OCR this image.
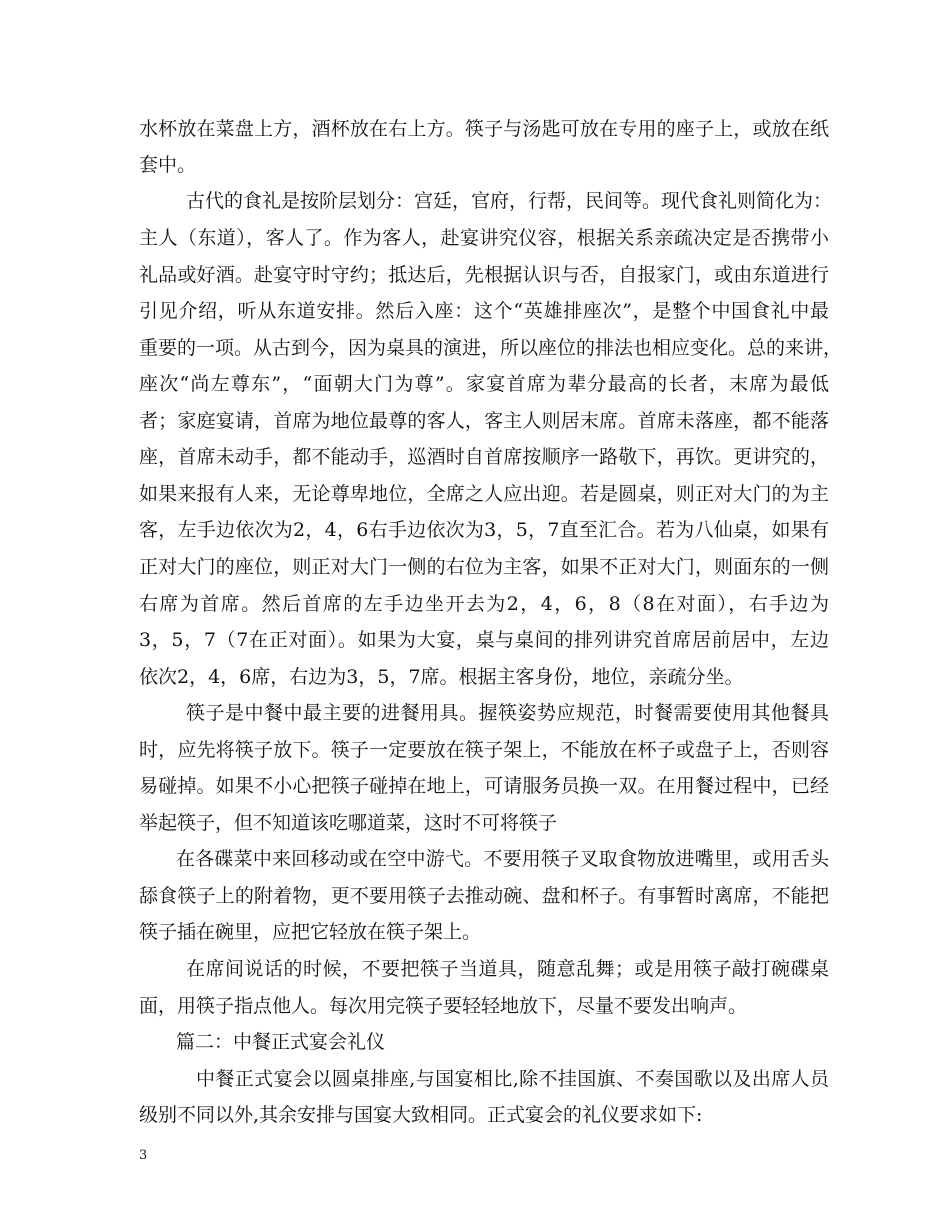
水杯放在菜盘上方，酒杯放在右上方。筷子与汤匙可放在专用的座子上，或放在纸
套中。
古代的食礼是按阶层划分：宫廷，官府，行帮，民间等。现代食礼则简化为：
主人（东道），客人了。作为客人，赴宴讲究仪容，根据关系亲疏决定是否携带小
礼品或好酒。赴宴守时守约；抵达后，先根据认识与否，自报家门，或由东道进行
引见介绍，听从东道安排。然后入座：这个“英雄排座次”，是整个中国食礼中最
重要的一项。从古到今，因为桌具的演进，所以座位的排法也相应变化。总的来讲，
座次“尚左尊东”，“面朝大门为尊”。家宴首席为辈分最高的长者，末席为最低
者；家庭宴请，首席为地位最尊的客人，客主人则居末席。首席未落座，都不能落
座，首席未动手，都不能动手，巡酒时自首席按顺序一路敬下，再饮。更讲究的，
如果来报有人来，无论尊卑地位，全席之人应出迎。若是圆桌，则正对大门的为主
客，左手边依次为2，4，6右手边依次为3，5，7直至汇合。若为八仙桌，如果有
正对大门的座位，则正对大门一侧的右位为主客，如果不正对大门，则面东的一侧
右席为首席。然后首席的左手边坐开去为2，4，6，8（8在对面），右手边为
3，5，7（7在正对面）。如果为大宴，桌与桌间的排列讲究首席居前居中，左边
依次2，4，6席，右边为3，5，7席。根据主客身份，地位，亲疏分坐。
筷子是中餐中最主要的进餐用具。握筷姿势应规范，时餐需要使用其他餐具
时，应先将筷子放下。筷子一定要放在筷子架上，不能放在杯子或盘子上，否则容
易碰掉。如果不小心把筷子碰掉在地上，可请服务员换一双。在用餐过程中，已经
举起筷子，但不知道该吃哪道菜，这时不可将筷子
在各碟菜中来回移动或在空中游弋。不要用筷子叉取食物放进嘴里，或用舌头
舔食筷子上的附着物，更不要用筷子去推动碗、盘和杯子。有事暂时离席，不能把
筷子插在碗里，应把它轻放在筷子架上。
在席间说话的时候，不要把筷子当道具，随意乱舞；或是用筷子敲打碗碟桌
面，用筷子指点他人。每次用完筷子要轻轻地放下，尽量不要发出响声。
篇二：中餐正式宴会礼仪
中餐正式宴会以圆桌排座,与国宴相比,除不挂国旗、不奏国歌以及出席人员
级别不同以外,其余安排与国宴大致相同。正式宴会的礼仪要求如下:
3
